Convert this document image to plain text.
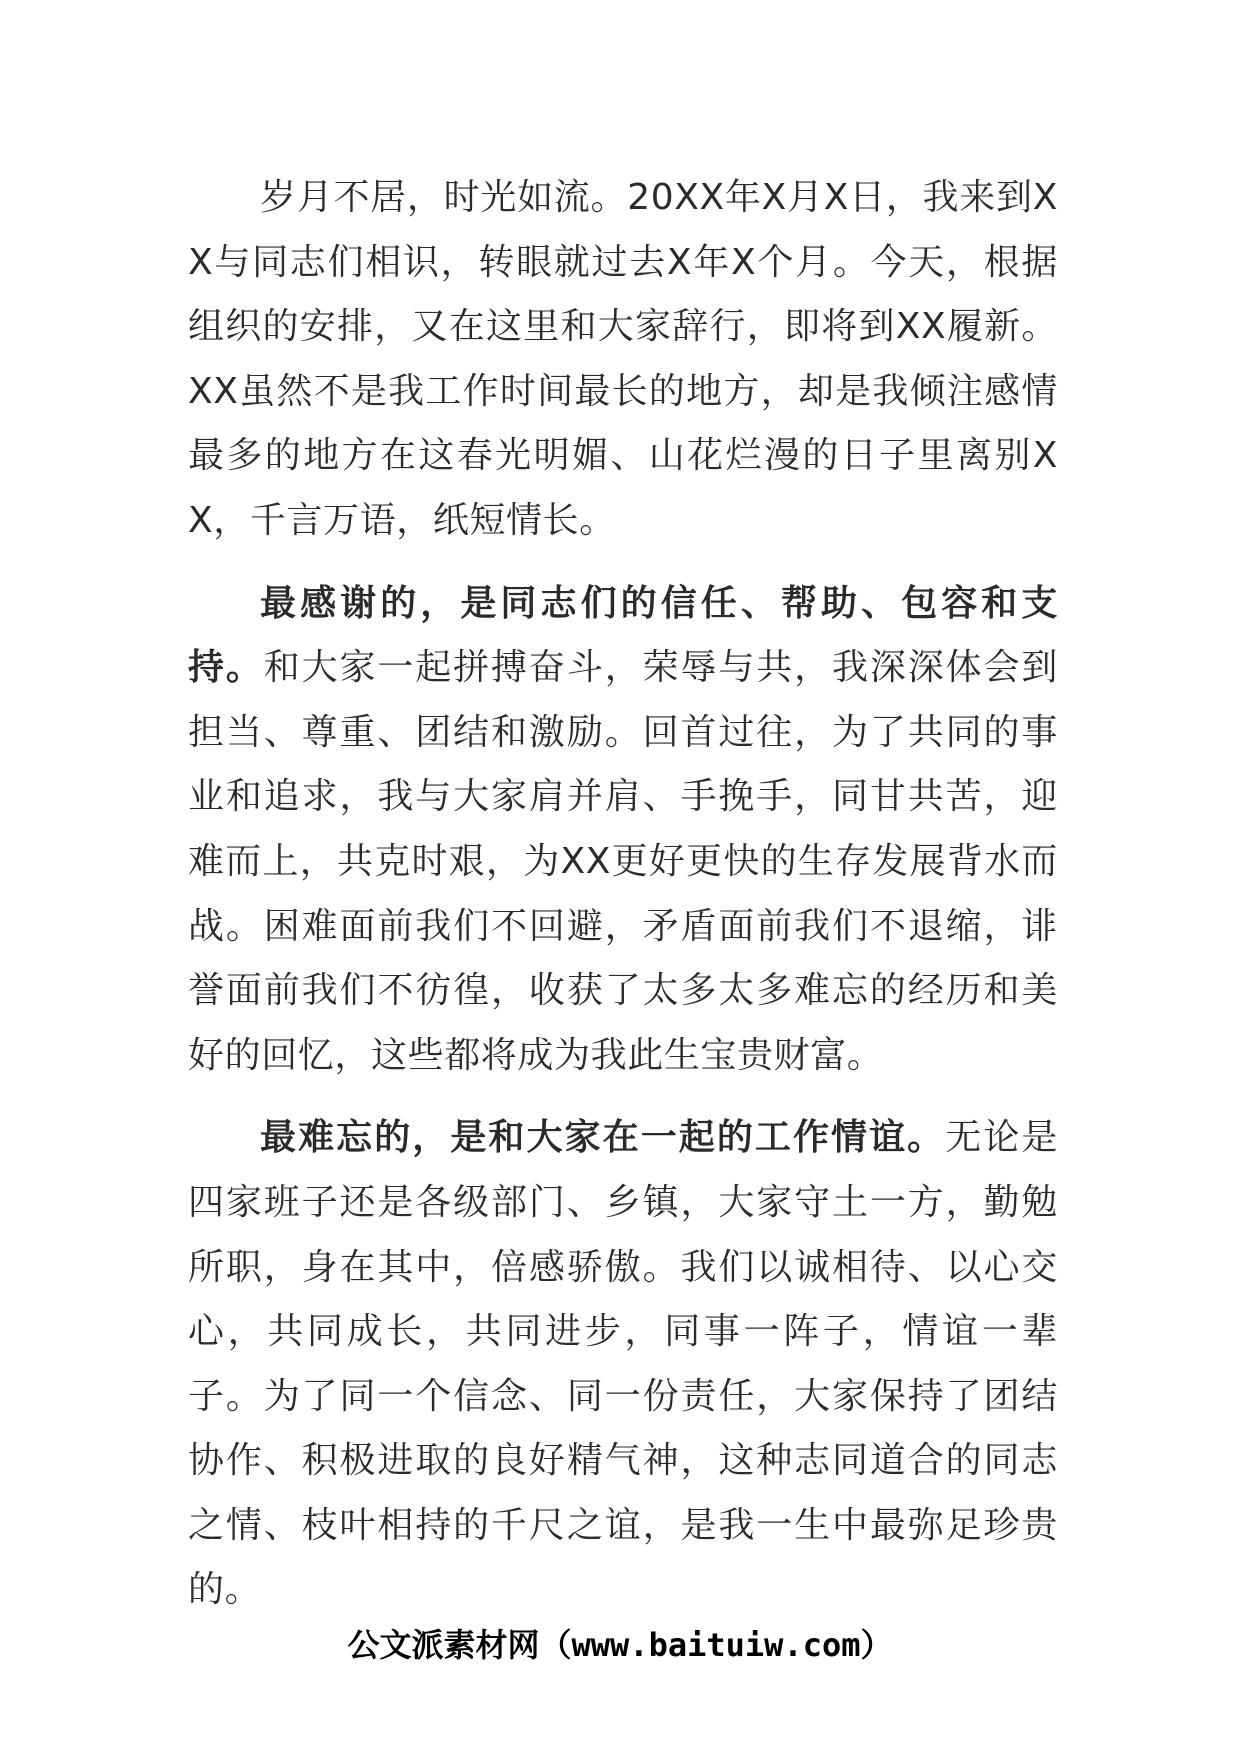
岁月不居，时光如流。20XX年X月X日，我来到XX与同志们相识，转眼就过去X年X个月。今天，根据组织的安排，又在这里和大家辞行，即将到XX履新。XX虽然不是我工作时间最长的地方，却是我倾注感情最多的地方在这春光明媚、山花烂漫的日子里离别XX，千言万语，纸短情长。

最感谢的，是同志们的信任、帮助、包容和支持。和大家一起拼搏奋斗，荣辱与共，我深深体会到担当、尊重、团结和激励。回首过往，为了共同的事业和追求，我与大家肩并肩、手挽手，同甘共苦，迎难而上，共克时艰，为XX更好更快的生存发展背水而战。困难面前我们不回避，矛盾面前我们不退缩，诽誉面前我们不彷徨，收获了太多太多难忘的经历和美好的回忆，这些都将成为我此生宝贵财富。

最难忘的，是和大家在一起的工作情谊。无论是四家班子还是各级部门、乡镇，大家守土一方，勤勉所职，身在其中，倍感骄傲。我们以诚相待、以心交心，共同成长，共同进步，同事一阵子，情谊一辈子。为了同一个信念、同一份责任，大家保持了团结协作、积极进取的良好精气神，这种志同道合的同志之情、枝叶相持的千尺之谊，是我一生中最弥足珍贵的。

公文派素材网（www.baituiw.com）
